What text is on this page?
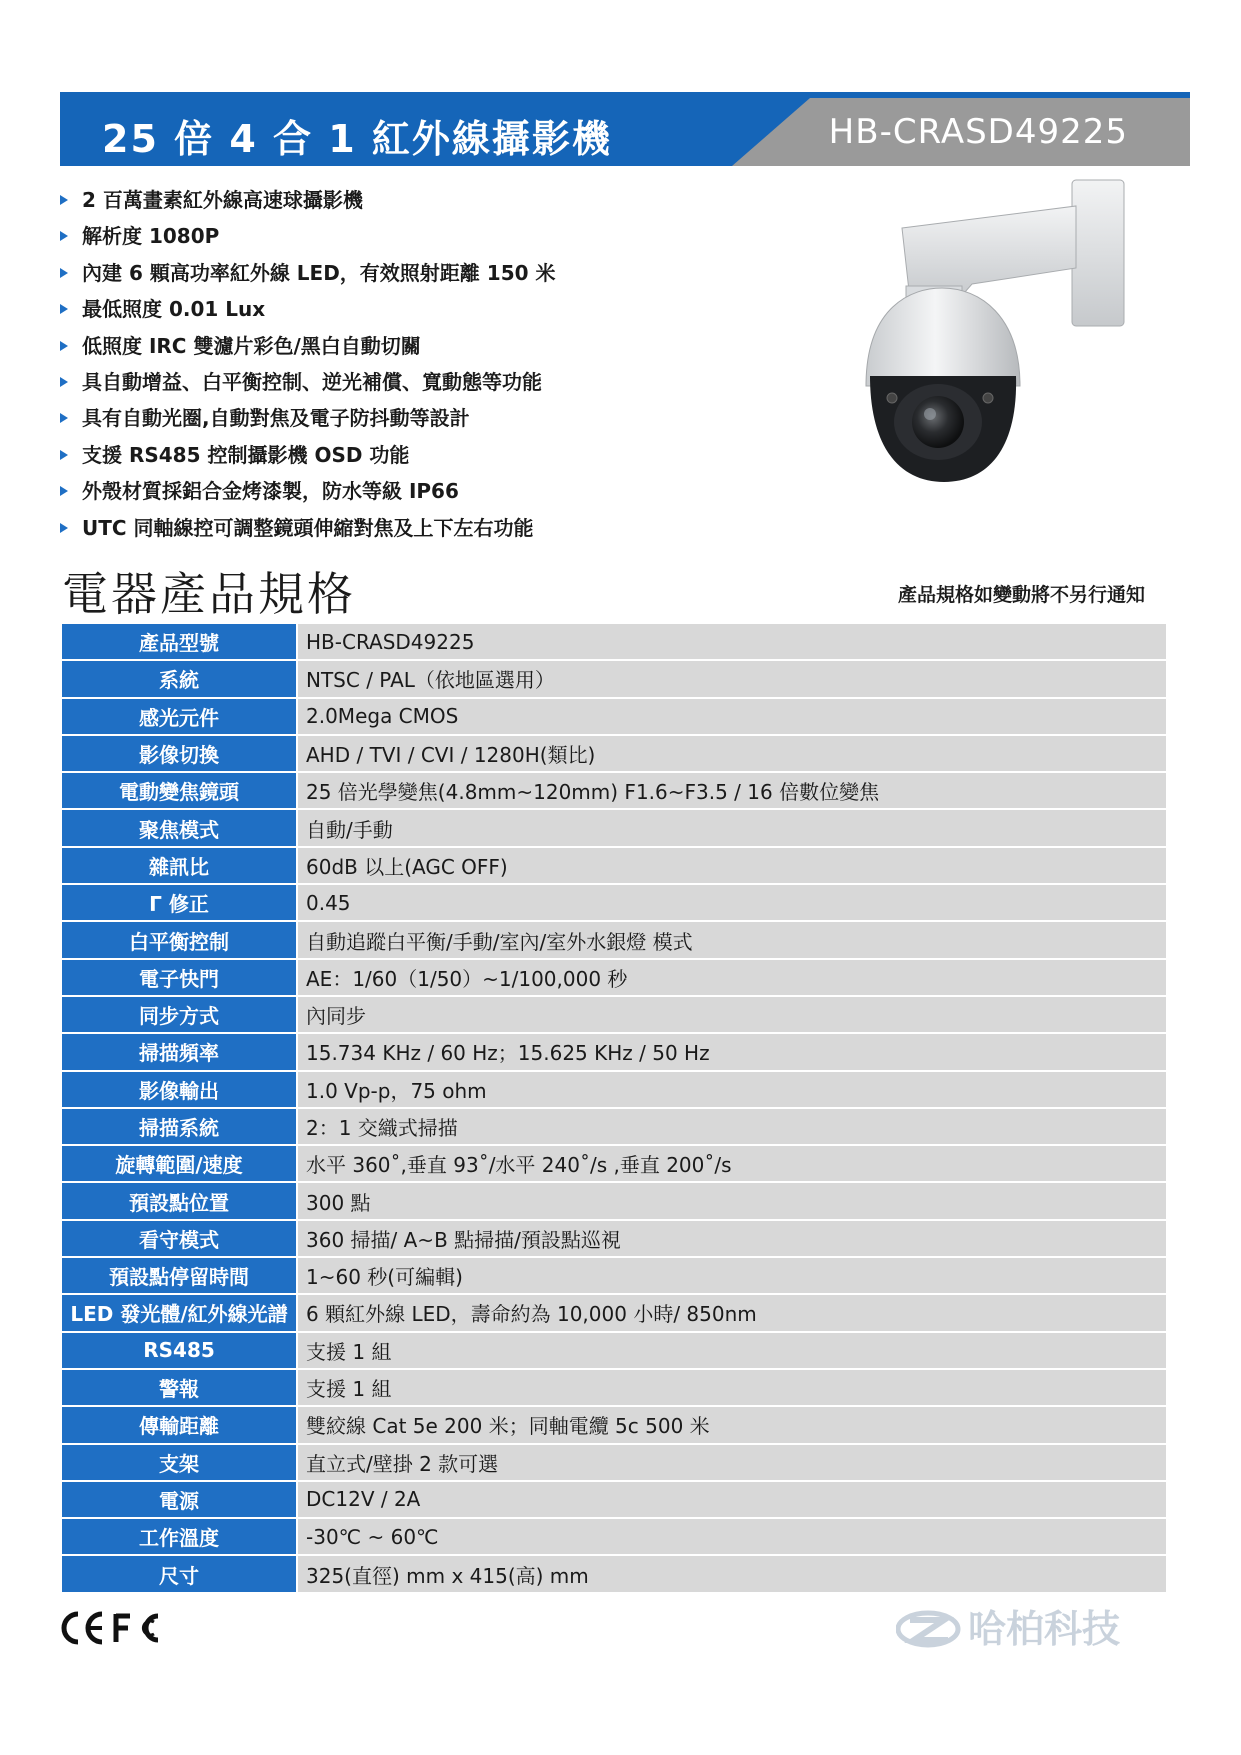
25 倍 4 合 1 紅外線攝影機	HB-CRASD49225
2 百萬畫素紅外線高速球攝影機
解析度 1080P
內建 6 顆高功率紅外線 LED，有效照射距離 150 米
最低照度 0.01 Lux
低照度 IRC 雙濾片彩色/黑白自動切關
具自動增益、白平衡控制、逆光補償、寬動態等功能
具有自動光圈,自動對焦及電子防抖動等設計
支援 RS485 控制攝影機 OSD 功能
外殼材質採鋁合金烤漆製，防水等級 IP66
UTC 同軸線控可調整鏡頭伸縮對焦及上下左右功能
電器產品規格	產品規格如變動將不另行通知
產品型號	HB-CRASD49225
系統	NTSC / PAL（依地區選用）
感光元件	2.0Mega CMOS
影像切換	AHD / TVI / CVI / 1280H(類比)
電動變焦鏡頭	25 倍光學變焦(4.8mm~120mm) F1.6~F3.5 / 16 倍數位變焦
聚焦模式	自動/手動
雜訊比	60dB 以上(AGC OFF)
Γ 修正	0.45
白平衡控制	自動追蹤白平衡/手動/室內/室外水銀燈 模式
電子快門	AE：1/60（1/50）~1/100,000 秒
同步方式	內同步
掃描頻率	15.734 KHz / 60 Hz；15.625 KHz / 50 Hz
影像輸出	1.0 Vp-p，75 ohm
掃描系統	2：1 交織式掃描
旋轉範圍/速度	水平 360˚,垂直 93˚/水平 240˚/s ,垂直 200˚/s
預設點位置	300 點
看守模式	360 掃描/ A~B 點掃描/預設點巡視
預設點停留時間	1~60 秒(可編輯)
LED 發光體/紅外線光譜	6 顆紅外線 LED，壽命約為 10,000 小時/ 850nm
RS485	支援 1 組
警報	支援 1 組
傳輸距離	雙絞線 Cat 5e 200 米；同軸電纜 5c 500 米
支架	直立式/壁掛 2 款可選
電源	DC12V / 2A
工作溫度	-30℃ ~ 60℃
尺寸	325(直徑) mm x 415(高) mm
哈柏科技
